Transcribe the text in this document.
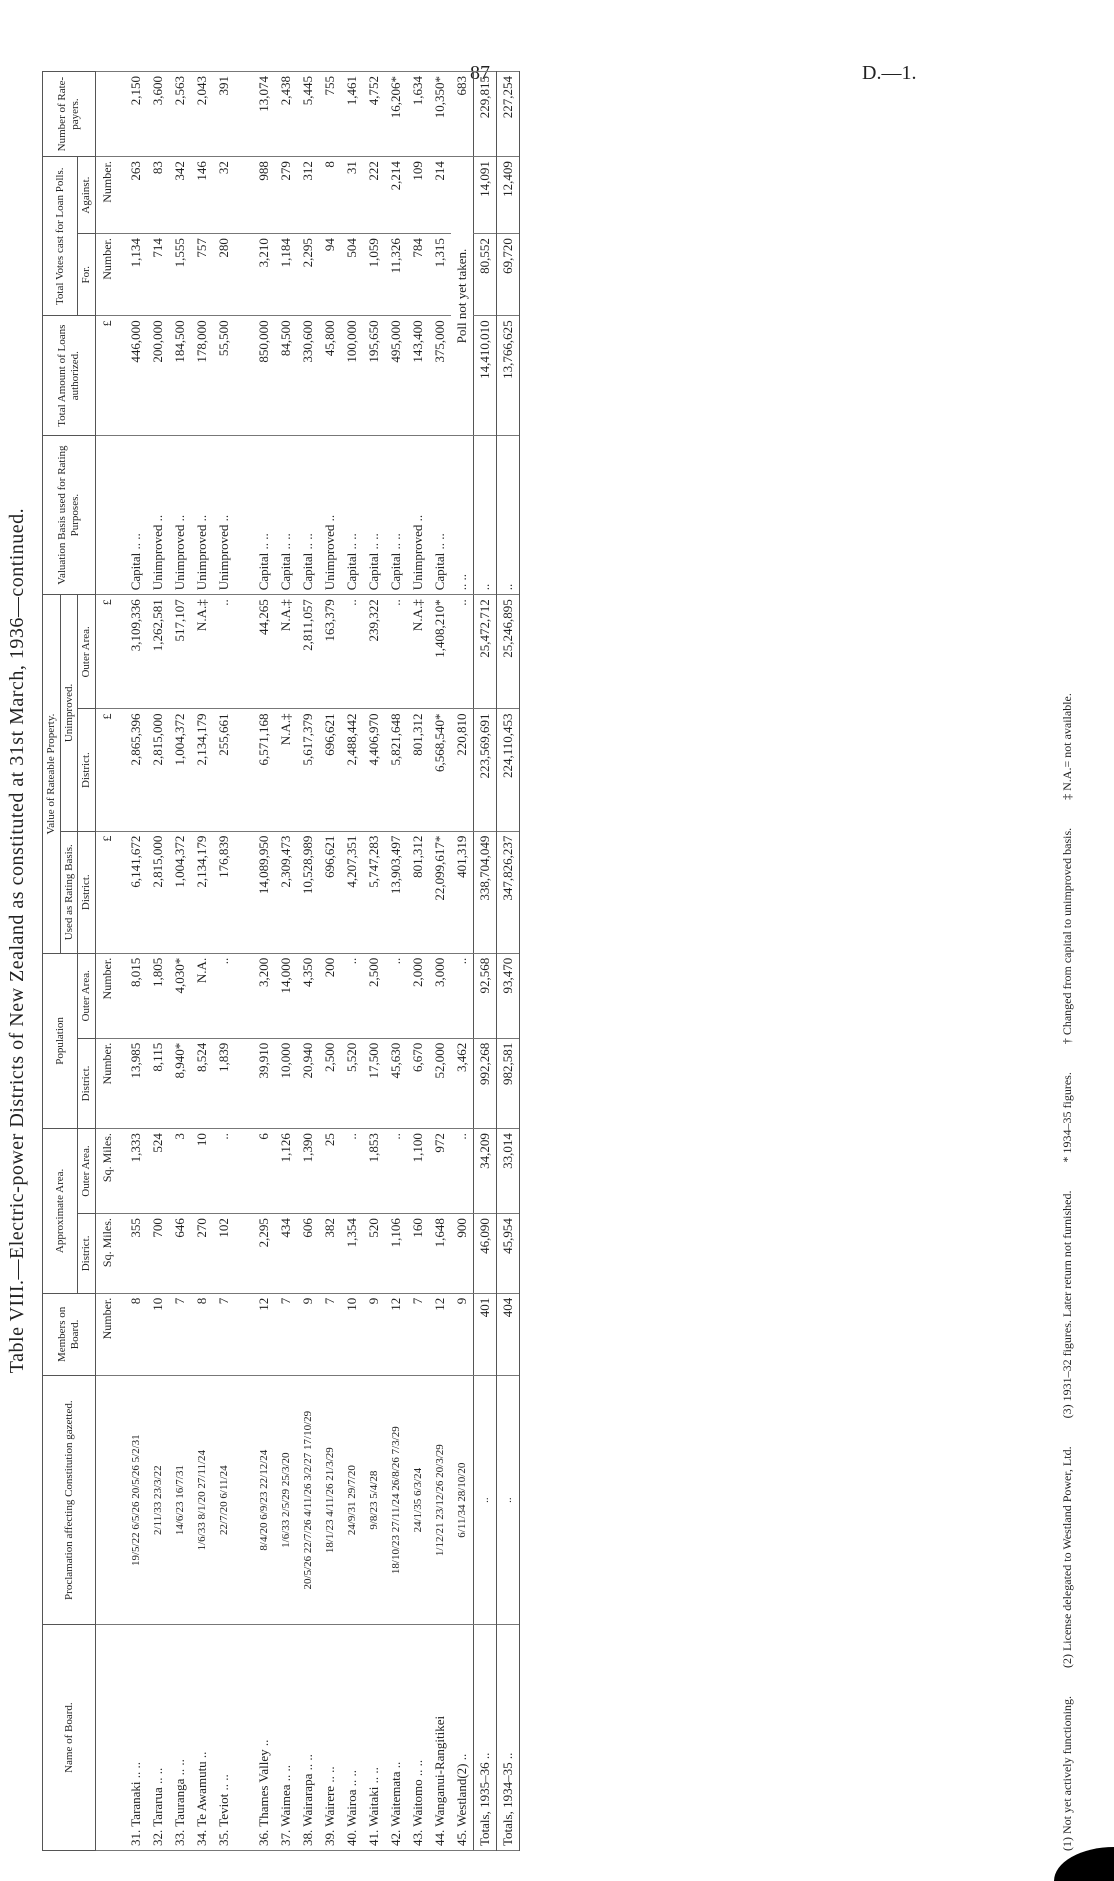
87	D.—1.
Table VIII.—Electric-power Districts of New Zealand as constituted at 31st March, 1936—continued.
Name of Board.	Proclamation affecting Constitution gazetted.	Members on Board.	Approximate Area.		Population		Value of Rateable Property.			Valuation Basis used for Rating Purposes.	Total Amount of Loans authorized.	Total Votes cast for Loan Polls.		Number of Rate-payers.
							Used as Rating Basis.	Unimproved.						
			District.	Outer Area.	District.	Outer Area.	District.	District.	Outer Area.			For.	Against.	
		Number.	Sq. Miles.	Sq. Miles.	Number.	Number.	£	£	£		£	Number.	Number.	
31. Taranaki .. ..	19/5/22 6/5/26 20/5/26 5/2/31	8	355	1,333	13,985	8,015	6,141,672	2,865,396	3,109,336	Capital .. ..	446,000	1,134	263	2,150
32. Tararua .. ..	2/11/33 23/3/22	10	700	524	8,115	1,805	2,815,000	2,815,000	1,262,581	Unimproved ..	200,000	714	83	3,600
33. Tauranga .. ..	14/6/23 16/7/31	7	646	3	8,940*	4,030*	1,004,372	1,004,372	517,107	Unimproved ..	184,500	1,555	342	2,563
34. Te Awamutu ..	1/6/33 8/1/20 27/11/24	8	270	10	8,524	N.A.	2,134,179	2,134,179	N.A.‡	Unimproved ..	178,000	757	146	2,043
35. Teviot .. ..	22/7/20 6/11/24	7	102	..	1,839	..	176,839	255,661	..	Unimproved ..	55,500	280	32	391

36. Thames Valley ..	8/4/20 6/9/23 22/12/24	12	2,295	6	39,910	3,200	14,089,950	6,571,168	44,265	Capital .. ..	850,000	3,210	988	13,074
37. Waimea .. ..	1/6/33 2/5/29 25/3/20	7	434	1,126	10,000	14,000	2,309,473	N.A.‡	N.A.‡	Capital .. ..	84,500	1,184	279	2,438
38. Wairarapa .. ..	20/5/26 22/7/26 4/11/26 3/2/27 17/10/29	9	606	1,390	20,940	4,350	10,528,989	5,617,379	2,811,057	Capital .. ..	330,600	2,295	312	5,445
39. Wairere .. ..	18/1/23 4/11/26 21/3/29	7	382	25	2,500	200	696,621	696,621	163,379	Unimproved ..	45,800	94	8	755
40. Wairoa .. ..	24/9/31 29/7/20	10	1,354	..	5,520	..	4,207,351	2,488,442	..	Capital .. ..	100,000	504	31	1,461
41. Waitaki .. ..	9/8/23 5/4/28	9	520	1,853	17,500	2,500	5,747,283	4,406,970	239,322	Capital .. ..	195,650	1,059	222	4,752
42. Waitemata ..	18/10/23 27/11/24 26/8/26 7/3/29	12	1,106	..	45,630	..	13,903,497	5,821,648	..	Capital .. ..	495,000	11,326	2,214	16,206*
43. Waitomo .. ..	24/1/35 6/3/24	7	160	1,100	6,670	2,000	801,312	801,312	N.A.‡	Unimproved ..	143,400	784	109	1,634
44. Wanganui-Rangitikei	1/12/21 23/12/26 20/3/29	12	1,648	972	52,000	3,000	22,099,617*	6,568,540*	1,408,210*	Capital .. ..	375,000	1,315	214	10,350*
45. Westland(2) ..	6/11/34 28/10/20	9	900	..	3,462	..	401,319	220,810	..	.. ..	Poll not yet taken.			683
Totals, 1935–36 ..	..	401	46,090	34,209	992,268	92,568	338,704,049	223,569,691	25,472,712	..	14,410,010	80,552	14,091	229,815
Totals, 1934–35 ..	..	404	45,954	33,014	982,581	93,470	347,826,237	224,110,453	25,246,895	..	13,766,625	69,720	12,409	227,254
(1) Not yet actively functioning.
(2) License delegated to Westland Power, Ltd.
(3) 1931–32 figures. Later return not furnished.
* 1934–35 figures.
† Changed from capital to unimproved basis.
‡ N.A.= not available.
